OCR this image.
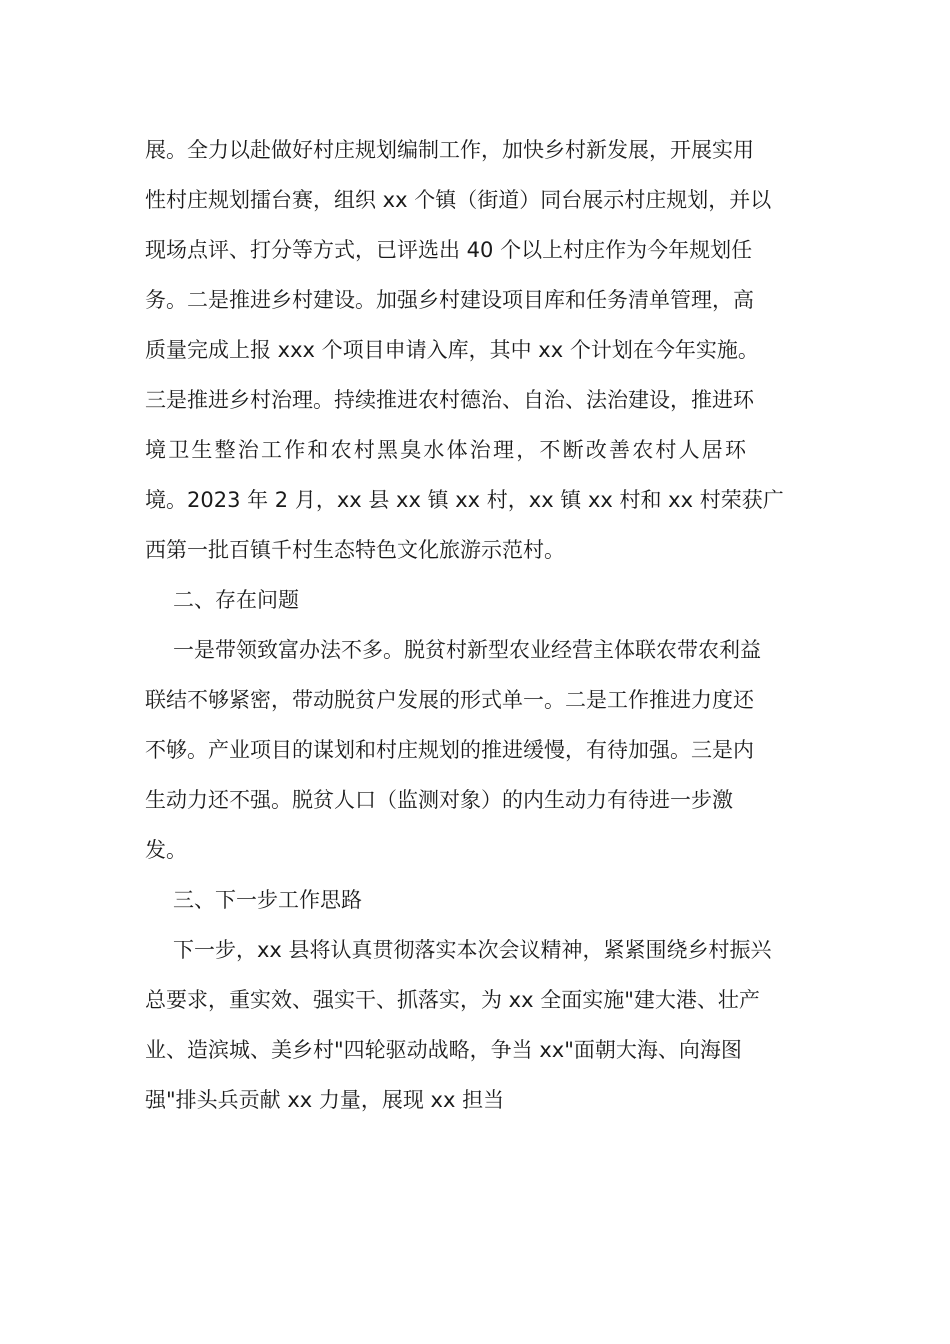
展。全力以赴做好村庄规划编制工作，加快乡村新发展，开展实用
性村庄规划擂台赛，组织 xx 个镇（街道）同台展示村庄规划，并以
现场点评、打分等方式，已评选出 40 个以上村庄作为今年规划任
务。二是推进乡村建设。加强乡村建设项目库和任务清单管理，高
质量完成上报 xxx 个项目申请入库，其中 xx 个计划在今年实施。
三是推进乡村治理。持续推进农村德治、自治、法治建设，推进环
境卫生整治工作和农村黑臭水体治理，不断改善农村人居环
境。2023 年 2 月，xx 县 xx 镇 xx 村，xx 镇 xx 村和 xx 村荣获广
西第一批百镇千村生态特色文化旅游示范村。
二、存在问题
一是带领致富办法不多。脱贫村新型农业经营主体联农带农利益
联结不够紧密，带动脱贫户发展的形式单一。二是工作推进力度还
不够。产业项目的谋划和村庄规划的推进缓慢，有待加强。三是内
生动力还不强。脱贫人口（监测对象）的内生动力有待进一步激
发。
三、下一步工作思路
下一步，xx 县将认真贯彻落实本次会议精神，紧紧围绕乡村振兴
总要求，重实效、强实干、抓落实，为 xx 全面实施"建大港、壮产
业、造滨城、美乡村"四轮驱动战略，争当 xx"面朝大海、向海图
强"排头兵贡献 xx 力量，展现 xx 担当
